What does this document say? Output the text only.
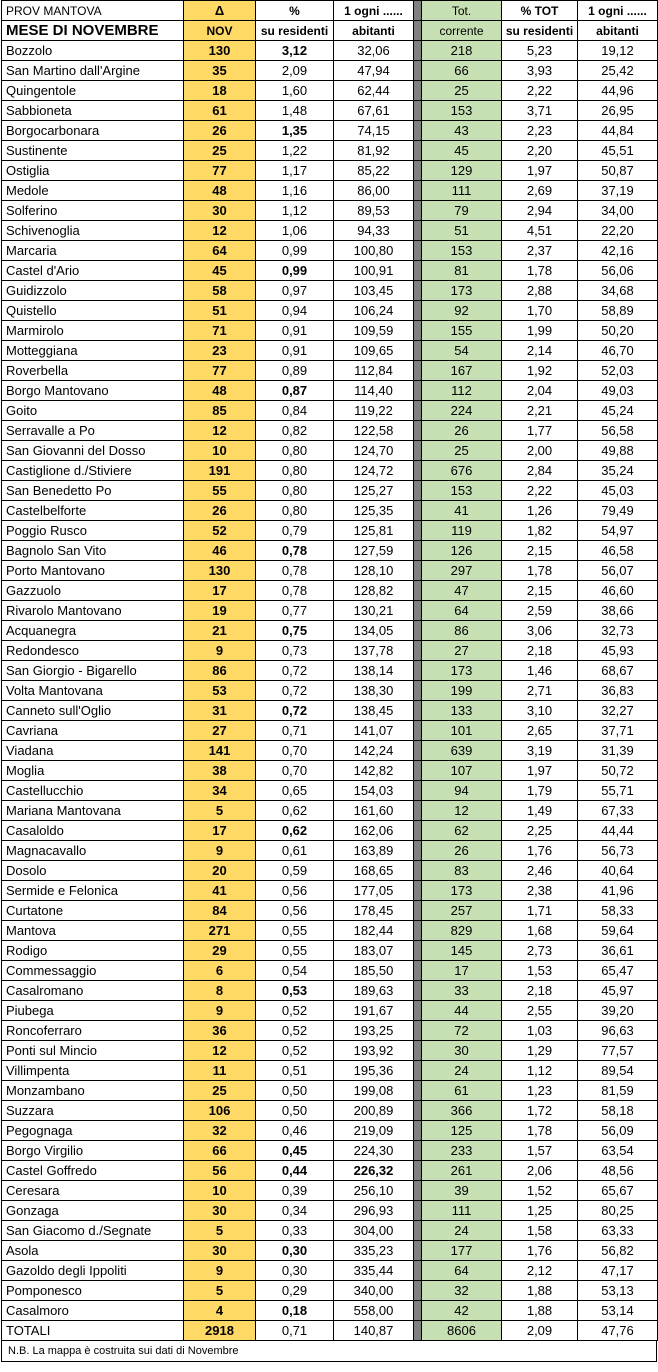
PROV MANTOVA	Δ	%	1 ogni ......		Tot.	% TOT	1 ogni ......
MESE DI NOVEMBRE	NOV	su residenti	abitanti		corrente	su residenti	abitanti
Bozzolo	130	3,12	32,06		218	5,23	19,12
San Martino dall'Argine	35	2,09	47,94		66	3,93	25,42
Quingentole	18	1,60	62,44		25	2,22	44,96
Sabbioneta	61	1,48	67,61		153	3,71	26,95
Borgocarbonara	26	1,35	74,15		43	2,23	44,84
Sustinente	25	1,22	81,92		45	2,20	45,51
Ostiglia	77	1,17	85,22		129	1,97	50,87
Medole	48	1,16	86,00		111	2,69	37,19
Solferino	30	1,12	89,53		79	2,94	34,00
Schivenoglia	12	1,06	94,33		51	4,51	22,20
Marcaria	64	0,99	100,80		153	2,37	42,16
Castel d'Ario	45	0,99	100,91		81	1,78	56,06
Guidizzolo	58	0,97	103,45		173	2,88	34,68
Quistello	51	0,94	106,24		92	1,70	58,89
Marmirolo	71	0,91	109,59		155	1,99	50,20
Motteggiana	23	0,91	109,65		54	2,14	46,70
Roverbella	77	0,89	112,84		167	1,92	52,03
Borgo Mantovano	48	0,87	114,40		112	2,04	49,03
Goito	85	0,84	119,22		224	2,21	45,24
Serravalle a Po	12	0,82	122,58		26	1,77	56,58
San Giovanni del Dosso	10	0,80	124,70		25	2,00	49,88
Castiglione d./Stiviere	191	0,80	124,72		676	2,84	35,24
San Benedetto Po	55	0,80	125,27		153	2,22	45,03
Castelbelforte	26	0,80	125,35		41	1,26	79,49
Poggio Rusco	52	0,79	125,81		119	1,82	54,97
Bagnolo San Vito	46	0,78	127,59		126	2,15	46,58
Porto Mantovano	130	0,78	128,10		297	1,78	56,07
Gazzuolo	17	0,78	128,82		47	2,15	46,60
Rivarolo Mantovano	19	0,77	130,21		64	2,59	38,66
Acquanegra	21	0,75	134,05		86	3,06	32,73
Redondesco	9	0,73	137,78		27	2,18	45,93
San Giorgio - Bigarello	86	0,72	138,14		173	1,46	68,67
Volta Mantovana	53	0,72	138,30		199	2,71	36,83
Canneto sull'Oglio	31	0,72	138,45		133	3,10	32,27
Cavriana	27	0,71	141,07		101	2,65	37,71
Viadana	141	0,70	142,24		639	3,19	31,39
Moglia	38	0,70	142,82		107	1,97	50,72
Castellucchio	34	0,65	154,03		94	1,79	55,71
Mariana Mantovana	5	0,62	161,60		12	1,49	67,33
Casaloldo	17	0,62	162,06		62	2,25	44,44
Magnacavallo	9	0,61	163,89		26	1,76	56,73
Dosolo	20	0,59	168,65		83	2,46	40,64
Sermide e Felonica	41	0,56	177,05		173	2,38	41,96
Curtatone	84	0,56	178,45		257	1,71	58,33
Mantova	271	0,55	182,44		829	1,68	59,64
Rodigo	29	0,55	183,07		145	2,73	36,61
Commessaggio	6	0,54	185,50		17	1,53	65,47
Casalromano	8	0,53	189,63		33	2,18	45,97
Piubega	9	0,52	191,67		44	2,55	39,20
Roncoferraro	36	0,52	193,25		72	1,03	96,63
Ponti sul Mincio	12	0,52	193,92		30	1,29	77,57
Villimpenta	11	0,51	195,36		24	1,12	89,54
Monzambano	25	0,50	199,08		61	1,23	81,59
Suzzara	106	0,50	200,89		366	1,72	58,18
Pegognaga	32	0,46	219,09		125	1,78	56,09
Borgo Virgilio	66	0,45	224,30		233	1,57	63,54
Castel Goffredo	56	0,44	226,32		261	2,06	48,56
Ceresara	10	0,39	256,10		39	1,52	65,67
Gonzaga	30	0,34	296,93		111	1,25	80,25
San Giacomo d./Segnate	5	0,33	304,00		24	1,58	63,33
Asola	30	0,30	335,23		177	1,76	56,82
Gazoldo degli Ippoliti	9	0,30	335,44		64	2,12	47,17
Pomponesco	5	0,29	340,00		32	1,88	53,13
Casalmoro	4	0,18	558,00		42	1,88	53,14
TOTALI	2918	0,71	140,87		8606	2,09	47,76
N.B. La mappa è costruita sui dati di Novembre
